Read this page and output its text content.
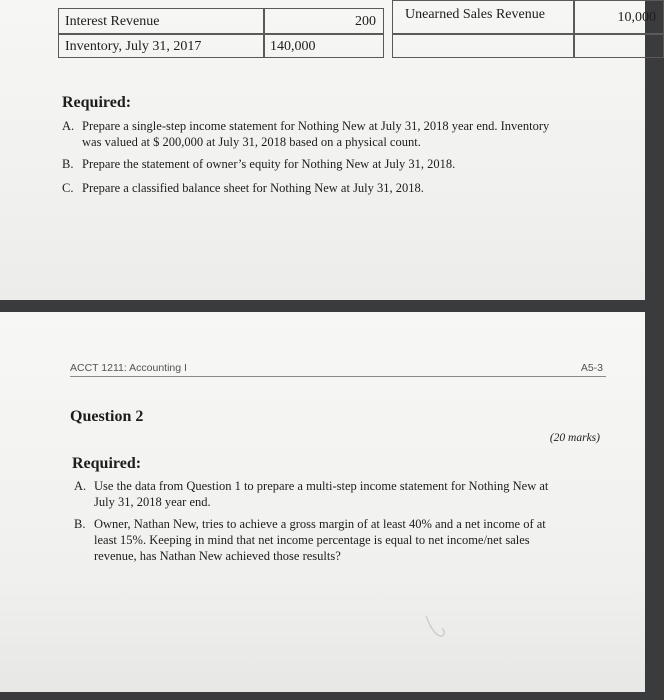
Interest Revenue	200 Unearned Sales Revenue	10,000
Inventory, July 31, 2017	140,000
Required:
A. Prepare a single-step income statement for Nothing New at July 31, 2018 year end. Inventory
was valued at $ 200,000 at July 31, 2018 based on a physical count.
B. Prepare the statement of owner’s equity for Nothing New at July 31, 2018.
C. Prepare a classified balance sheet for Nothing New at July 31, 2018.
ACCT 1211: Accounting I	A5-3
Question 2
(20 marks)
Required:
A. Use the data from Question 1 to prepare a multi-step income statement for Nothing New at
July 31, 2018 year end.
B. Owner, Nathan New, tries to achieve a gross margin of at least 40% and a net income of at
least 15%. Keeping in mind that net income percentage is equal to net income/net sales
revenue, has Nathan New achieved those results?
